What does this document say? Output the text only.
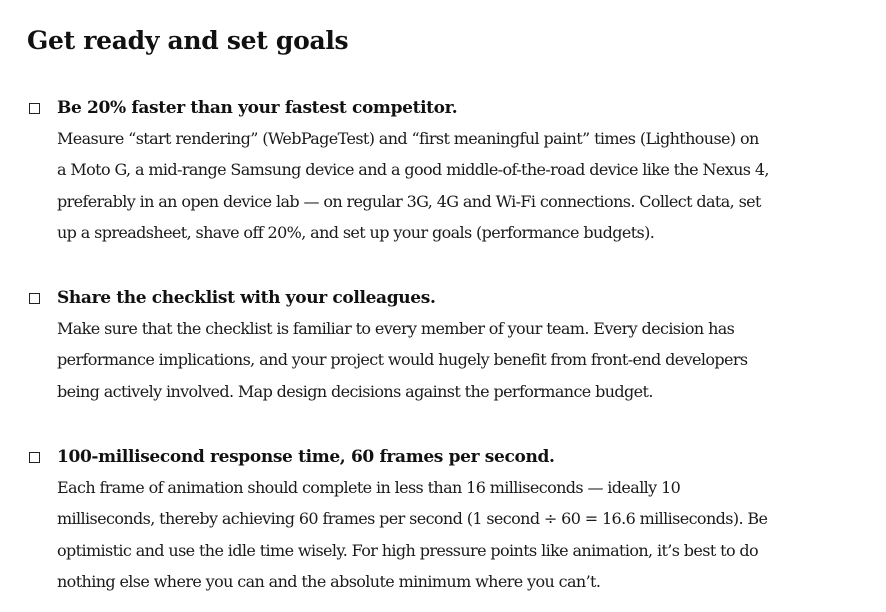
Get ready and set goals
Be 20% faster than your fastest competitor.
Measure “start rendering” (WebPageTest) and “first meaningful paint” times (Lighthouse) on
a Moto G, a mid-range Samsung device and a good middle-of-the-road device like the Nexus 4,
preferably in an open device lab — on regular 3G, 4G and Wi-Fi connections. Collect data, set
up a spreadsheet, shave off 20%, and set up your goals (performance budgets).
Share the checklist with your colleagues.
Make sure that the checklist is familiar to every member of your team. Every decision has
performance implications, and your project would hugely benefit from front-end developers
being actively involved. Map design decisions against the performance budget.
100-millisecond response time, 60 frames per second.
Each frame of animation should complete in less than 16 milliseconds — ideally 10
milliseconds, thereby achieving 60 frames per second (1 second ÷ 60 = 16.6 milliseconds). Be
optimistic and use the idle time wisely. For high pressure points like animation, it’s best to do
nothing else where you can and the absolute minimum where you can’t.
